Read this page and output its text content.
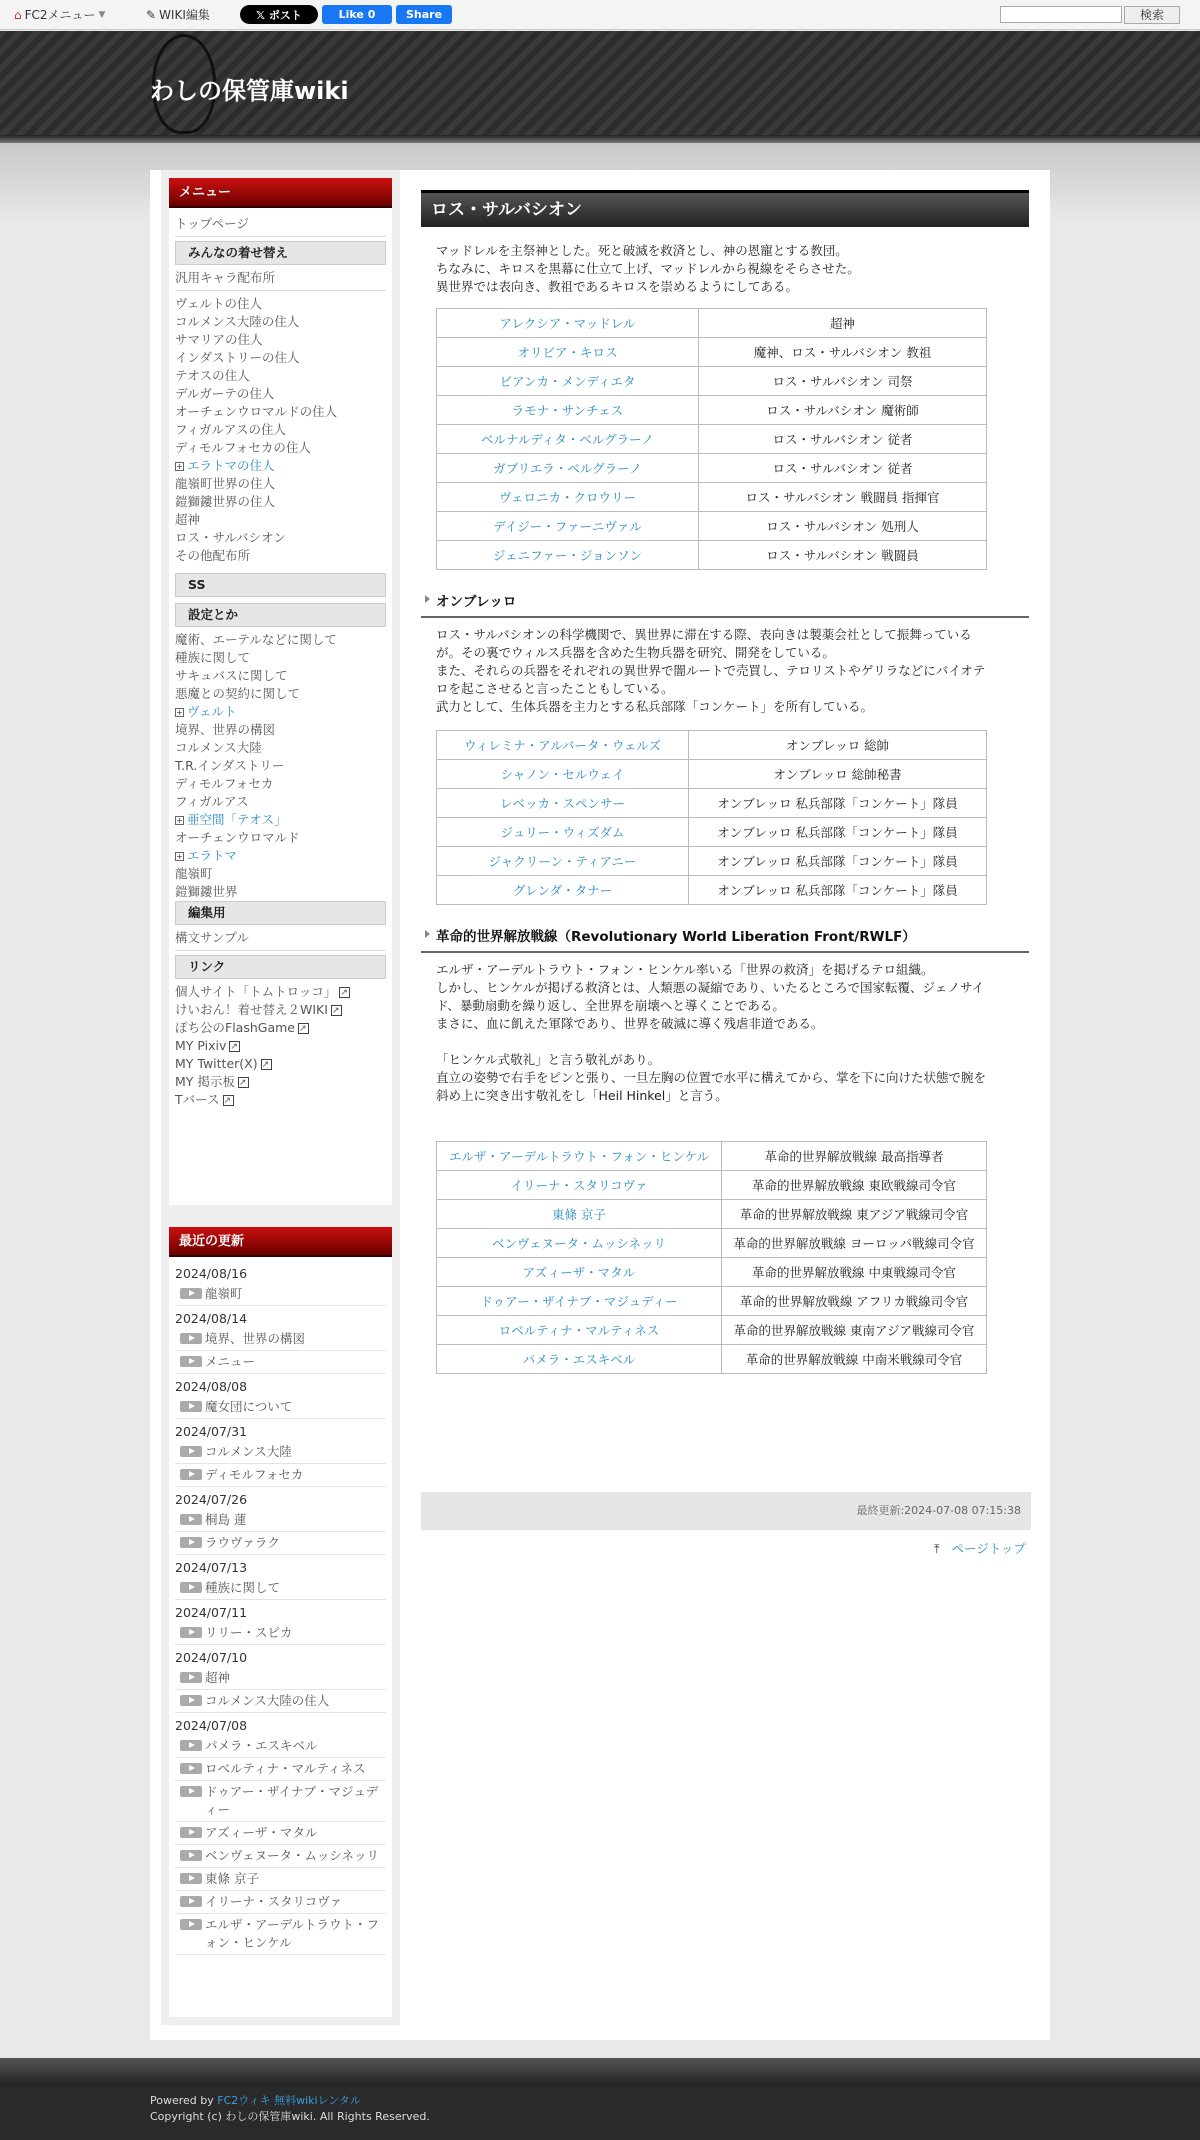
⌂ FC2メニュー ▼	✎ WIKI編集	𝕏 ポスト	Like 0	Share	検索
わしの保管庫wiki
メニュー
トップページ
みんなの着せ替え
汎用キャラ配布所
ヴェルトの住人
コルメンス大陸の住人
サマリアの住人
インダストリーの住人
テオスの住人
デルガーテの住人
オーチェンウロマルドの住人
フィガルアスの住人
ディモルフォセカの住人
+ エラトマの住人
龍嶺町世界の住人
鎧獅鏤世界の住人
超神
ロス・サルバシオン
その他配布所
SS
設定とか
魔術、エーテルなどに関して
種族に関して
サキュバスに関して
悪魔との契約に関して
+ ヴェルト
境界、世界の構図
コルメンス大陸
T.R.インダストリー
ディモルフォセカ
フィガルアス
+ 亜空間「テオス」
オーチェンウロマルド
+ エラトマ
龍嶺町
鎧獅鏤世界
編集用
構文サンプル
リンク
個人サイト「トムトロッコ」↗
けいおん！着せ替え２WIKI↗
ぽち公のFlashGame↗
MY Pixiv↗
MY Twitter(X)↗
MY 掲示板↗
Tバース↗
最近の更新
2024/08/16
龍嶺町
2024/08/14
境界、世界の構図
メニュー
2024/08/08
魔女団について
2024/07/31
コルメンス大陸
ディモルフォセカ
2024/07/26
桐島 蓮
ラウヴァラク
2024/07/13
種族に関して
2024/07/11
リリー・スピカ
2024/07/10
超神
コルメンス大陸の住人
2024/07/08
パメラ・エスキベル
ロベルティナ・マルティネス
ドゥアー・ザイナブ・マジュディー
アズィーザ・マタル
ベンヴェヌータ・ムッシネッリ
東條 京子
イリーナ・スタリコヴァ
エルザ・アーデルトラウト・フォン・ヒンケル
ロス・サルバシオン
マッドレルを主祭神とした。死と破滅を救済とし、神の恩寵とする教団。
ちなみに、キロスを黒幕に仕立て上げ、マッドレルから視線をそらさせた。
異世界では表向き、教祖であるキロスを崇めるようにしてある。
アレクシア・マッドレル	超神
オリビア・キロス	魔神、ロス・サルバシオン 教祖
ビアンカ・メンディエタ	ロス・サルバシオン 司祭
ラモナ・サンチェス	ロス・サルバシオン 魔術師
ベルナルディタ・ベルグラーノ	ロス・サルバシオン 従者
ガブリエラ・ベルグラーノ	ロス・サルバシオン 従者
ヴェロニカ・クロウリー	ロス・サルバシオン 戦闘員 指揮官
デイジー・ファーニヴァル	ロス・サルバシオン 処刑人
ジェニファー・ジョンソン	ロス・サルバシオン 戦闘員
オンブレッロ
ロス・サルバシオンの科学機関で、異世界に滞在する際、表向きは製薬会社として振舞っている
が。その裏でウィルス兵器を含めた生物兵器を研究、開発をしている。
また、それらの兵器をそれぞれの異世界で闇ルートで売買し、テロリストやゲリラなどにバイオテ
ロを起こさせると言ったこともしている。
武力として、生体兵器を主力とする私兵部隊「コンケート」を所有している。
ウィレミナ・アルバータ・ウェルズ	オンブレッロ 総帥
シャノン・セルウェイ	オンブレッロ 総帥秘書
レベッカ・スペンサー	オンブレッロ 私兵部隊「コンケート」隊員
ジュリー・ウィズダム	オンブレッロ 私兵部隊「コンケート」隊員
ジャクリーン・ティアニー	オンブレッロ 私兵部隊「コンケート」隊員
グレンダ・タナー	オンブレッロ 私兵部隊「コンケート」隊員
革命的世界解放戦線（Revolutionary World Liberation Front/RWLF）
エルザ・アーデルトラウト・フォン・ヒンケル率いる「世界の救済」を掲げるテロ組織。
しかし、ヒンケルが掲げる救済とは、人類悪の凝縮であり、いたるところで国家転覆、ジェノサイ
ド、暴動扇動を繰り返し、全世界を崩壊へと導くことである。
まさに、血に飢えた軍隊であり、世界を破滅に導く残虐非道である。
「ヒンケル式敬礼」と言う敬礼があり。
直立の姿勢で右手をピンと張り、一旦左胸の位置で水平に構えてから、掌を下に向けた状態で腕を
斜め上に突き出す敬礼をし「Heil Hinkel」と言う。
エルザ・アーデルトラウト・フォン・ヒンケル	革命的世界解放戦線 最高指導者
イリーナ・スタリコヴァ	革命的世界解放戦線 東欧戦線司令官
東條 京子	革命的世界解放戦線 東アジア戦線司令官
ベンヴェヌータ・ムッシネッリ	革命的世界解放戦線 ヨーロッパ戦線司令官
アズィーザ・マタル	革命的世界解放戦線 中東戦線司令官
ドゥアー・ザイナブ・マジュディー	革命的世界解放戦線 アフリカ戦線司令官
ロベルティナ・マルティネス	革命的世界解放戦線 東南アジア戦線司令官
パメラ・エスキベル	革命的世界解放戦線 中南米戦線司令官
最終更新:2024-07-08 07:15:38
⤒ ページトップ
Powered by FC2ウィキ 無料wikiレンタル
Copyright (c) わしの保管庫wiki. All Rights Reserved.
